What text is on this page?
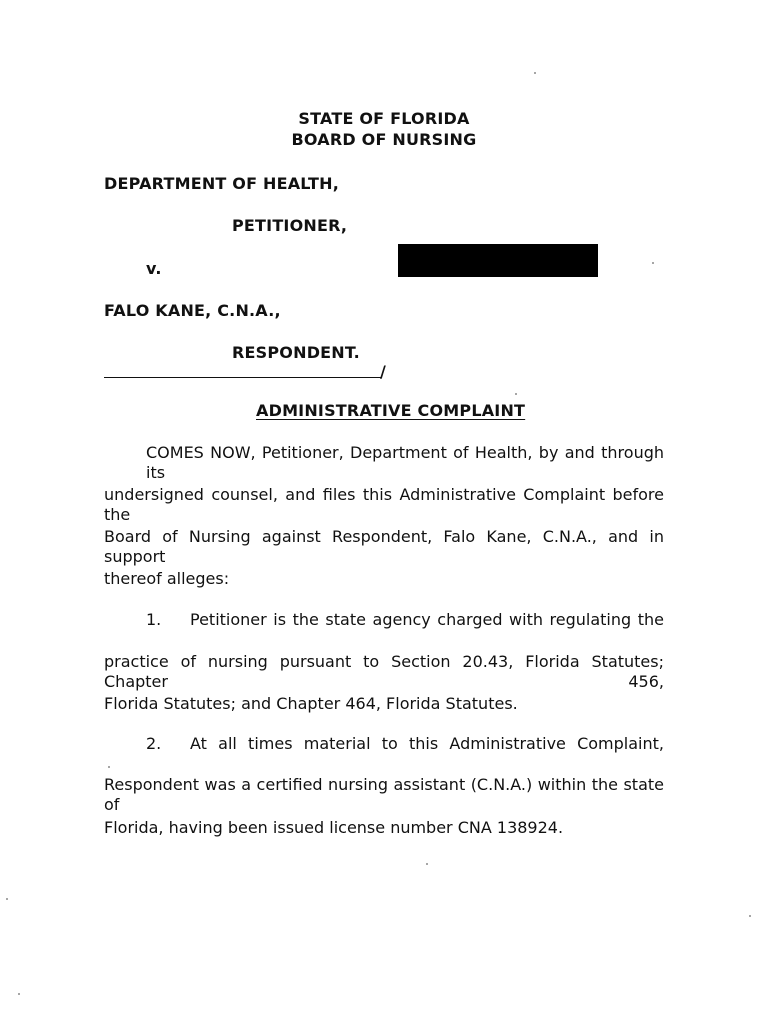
STATE OF FLORIDA
BOARD OF NURSING
DEPARTMENT OF HEALTH,
PETITIONER,
v.
FALO KANE, C.N.A.,
RESPONDENT.
/
ADMINISTRATIVE COMPLAINT
COMES NOW, Petitioner, Department of Health, by and through its
undersigned counsel, and files this Administrative Complaint before the
Board of Nursing against Respondent, Falo Kane, C.N.A., and in support
thereof alleges:
1. Petitioner is the state agency charged with regulating the
practice of nursing pursuant to Section 20.43, Florida Statutes; Chapter 456,
Florida Statutes; and Chapter 464, Florida Statutes.
2. At all times material to this Administrative Complaint,
Respondent was a certified nursing assistant (C.N.A.) within the state of
Florida, having been issued license number CNA 138924.
